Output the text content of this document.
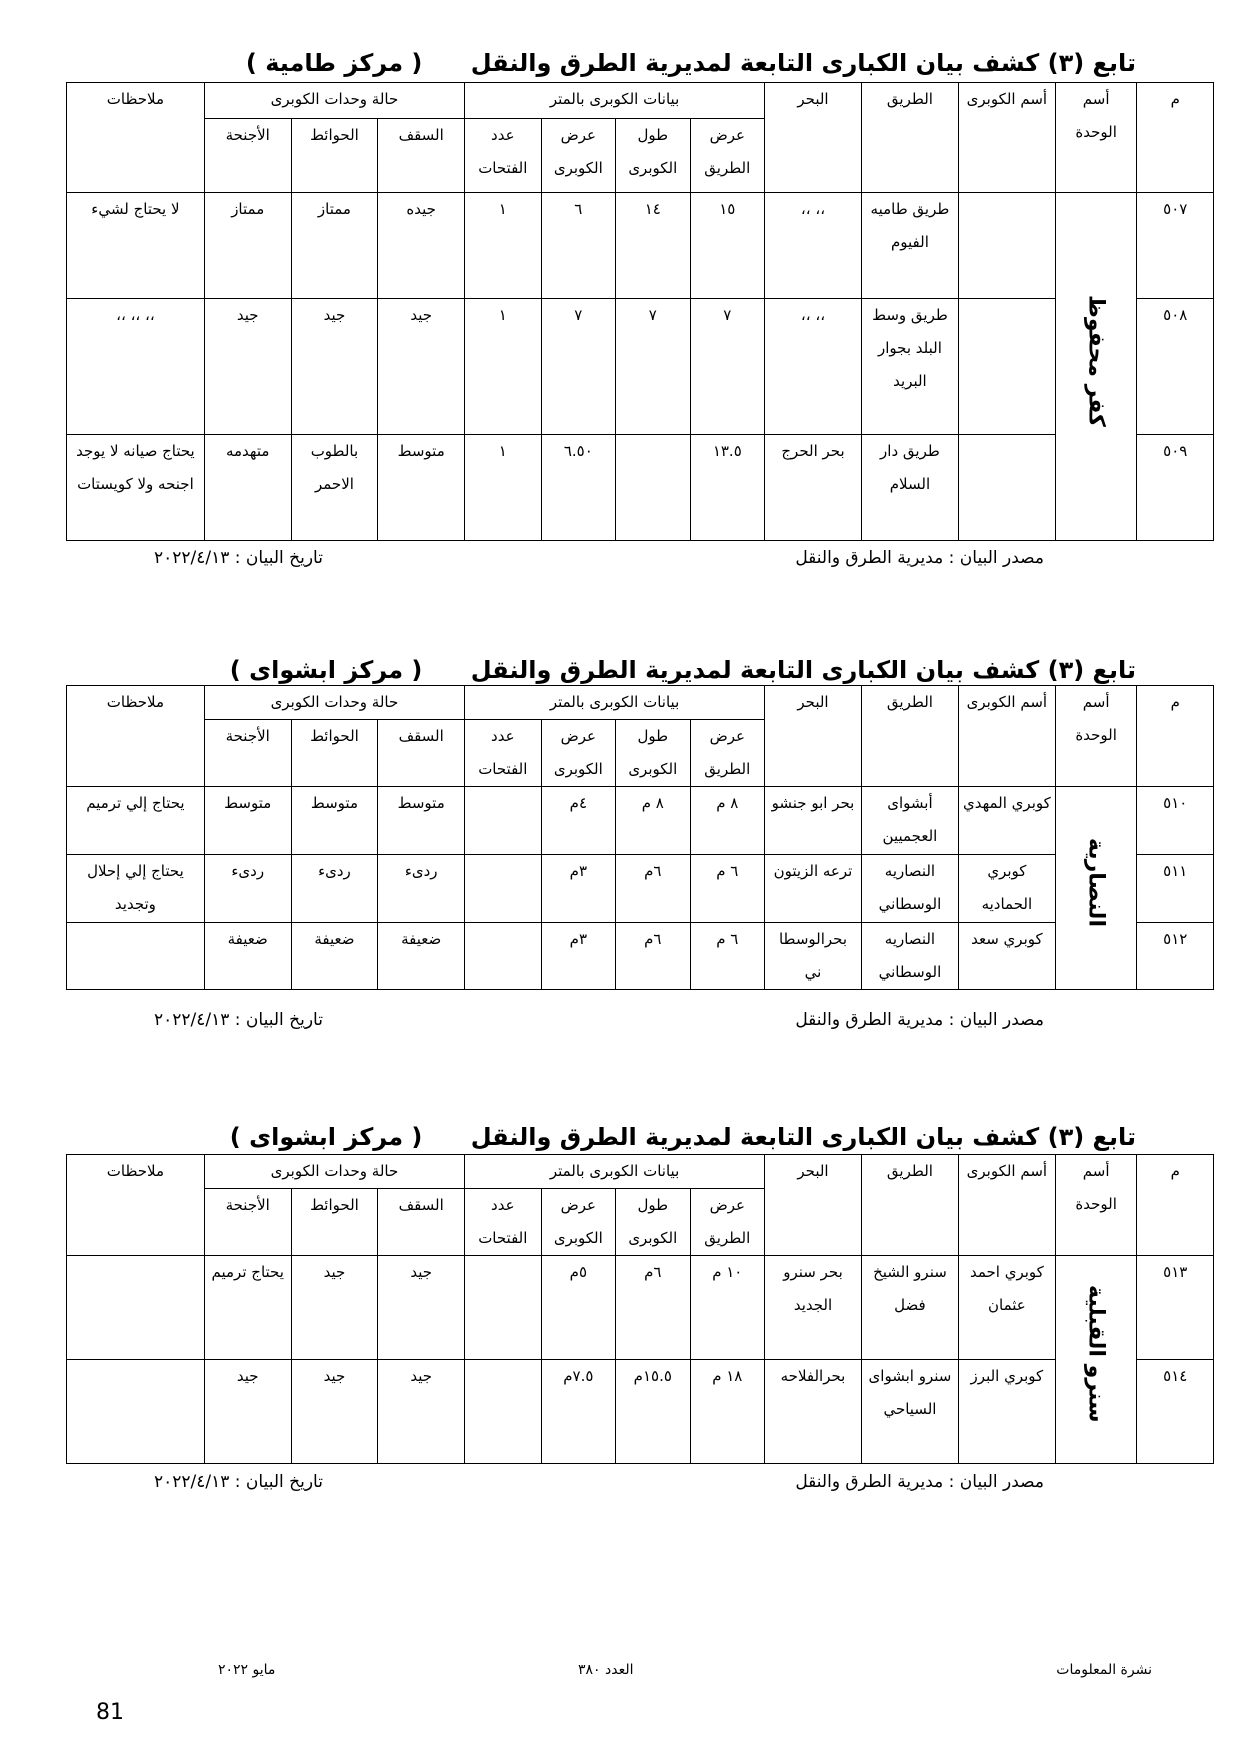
تابع (٣) كشف بيان الكبارى التابعة لمديرية الطرق والنقل ( مركز طامية )
م	أسم الوحدة	أسم الكوبرى	الطريق	البحر	بيانات الكوبرى بالمتر				حالة وحدات الكوبرى			ملاحظات
					عرض الطريق	طول الكوبرى	عرض الكوبرى	عدد الفتحات	السقف	الحوائط	الأجنحة	
٥٠٧	كفر محفوظ		طريق طاميه الفيوم	،، ،،	١٥	١٤	٦	١	جيده	ممتاز	ممتاز	لا يحتاج لشيء
٥٠٨			طريق وسط البلد بجوار البريد	،، ،،	٧	٧	٧	١	جيد	جيد	جيد	،، ،، ،،
٥٠٩			طريق دار السلام	بحر الحرج	١٣.٥		٦.٥٠	١	متوسط	بالطوب الاحمر	متهدمه	يحتاج صيانه لا يوجد اجنحه ولا كويستات
مصدر البيان : مديرية الطرق والنقل
تاريخ البيان : ٢٠٢٢/٤/١٣
تابع (٣) كشف بيان الكبارى التابعة لمديرية الطرق والنقل ( مركز ابشواى )
م	أسم الوحدة	أسم الكوبرى	الطريق	البحر	بيانات الكوبرى بالمتر				حالة وحدات الكوبرى			ملاحظات
					عرض الطريق	طول الكوبرى	عرض الكوبرى	عدد الفتحات	السقف	الحوائط	الأجنحة	
٥١٠	النصارية	كوبري المهدي	أبشواى العجميين	بحر ابو جنشو	٨ م	٨ م	٤م		متوسط	متوسط	متوسط	يحتاج إلي ترميم
٥١١		كوبري الحماديه	النصاريه الوسطاني	ترعه الزيتون	٦ م	٦م	٣م		ردىء	ردىء	ردىء	يحتاج إلي إحلال وتجديد
٥١٢		كوبري سعد	النصاريه الوسطاني	بحرالوسطا ني	٦ م	٦م	٣م		ضعيفة	ضعيفة	ضعيفة	
مصدر البيان : مديرية الطرق والنقل
تاريخ البيان : ٢٠٢٢/٤/١٣
تابع (٣) كشف بيان الكبارى التابعة لمديرية الطرق والنقل ( مركز ابشواى )
م	أسم الوحدة	أسم الكوبرى	الطريق	البحر	بيانات الكوبرى بالمتر				حالة وحدات الكوبرى			ملاحظات
					عرض الطريق	طول الكوبرى	عرض الكوبرى	عدد الفتحات	السقف	الحوائط	الأجنحة	
٥١٣	سنرو القبلية	كوبري احمد عثمان	سنرو الشيخ فضل	بحر سنرو الجديد	١٠ م	٦م	٥م		جيد	جيد	يحتاج ترميم	
٥١٤		كوبري البرز	سنرو ابشواى السياحي	بحرالفلاحه	١٨ م	١٥.٥م	٧.٥م		جيد	جيد	جيد	
مصدر البيان : مديرية الطرق والنقل
تاريخ البيان : ٢٠٢٢/٤/١٣
نشرة المعلومات
العدد ٣٨٠
مايو ٢٠٢٢
81
